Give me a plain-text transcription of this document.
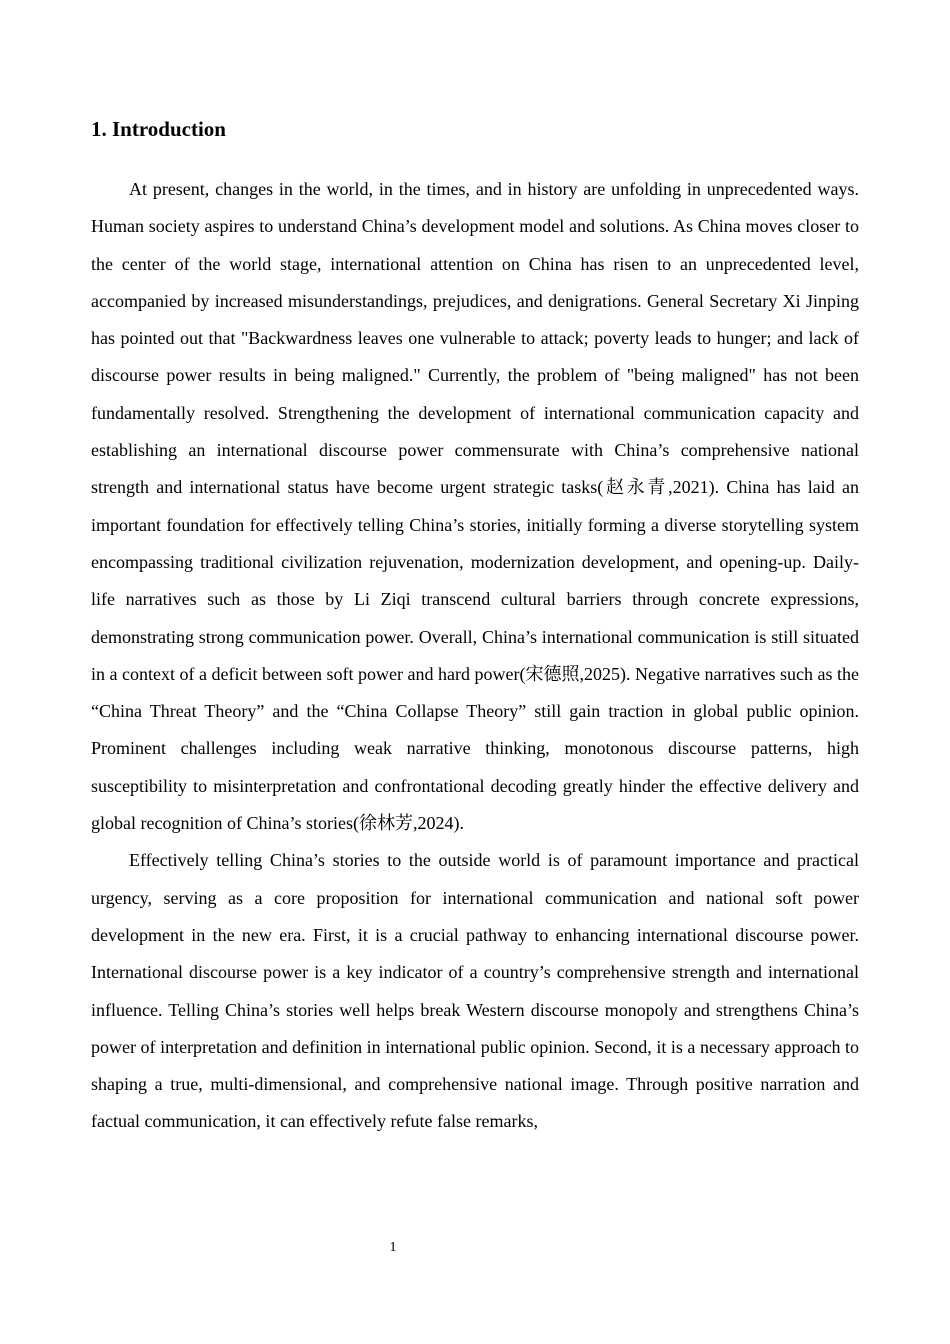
1. Introduction

At present, changes in the world, in the times, and in history are unfolding in unprecedented ways. Human society aspires to understand China’s development model and solutions. As China moves closer to the center of the world stage, international attention on China has risen to an unprecedented level, accompanied by increased misunderstandings, prejudices, and denigrations. General Secretary Xi Jinping has pointed out that "Backwardness leaves one vulnerable to attack; poverty leads to hunger; and lack of discourse power results in being maligned." Currently, the problem of "being maligned" has not been fundamentally resolved. Strengthening the development of international communication capacity and establishing an international discourse power commensurate with China’s comprehensive national strength and international status have become urgent strategic tasks(赵永青,2021). China has laid an important foundation for effectively telling China’s stories, initially forming a diverse storytelling system encompassing traditional civilization rejuvenation, modernization development, and opening-up. Daily-life narratives such as those by Li Ziqi transcend cultural barriers through concrete expressions, demonstrating strong communication power. Overall, China’s international communication is still situated in a context of a deficit between soft power and hard power(宋德照,2025). Negative narratives such as the “China Threat Theory” and the “China Collapse Theory” still gain traction in global public opinion. Prominent challenges including weak narrative thinking, monotonous discourse patterns, high susceptibility to misinterpretation and confrontational decoding greatly hinder the effective delivery and global recognition of China’s stories(徐林芳,2024).

Effectively telling China’s stories to the outside world is of paramount importance and practical urgency, serving as a core proposition for international communication and national soft power development in the new era. First, it is a crucial pathway to enhancing international discourse power. International discourse power is a key indicator of a country’s comprehensive strength and international influence. Telling China’s stories well helps break Western discourse monopoly and strengthens China’s power of interpretation and definition in international public opinion. Second, it is a necessary approach to shaping a true, multi-dimensional, and comprehensive national image. Through positive narration and factual communication, it can effectively refute false remarks,

1
